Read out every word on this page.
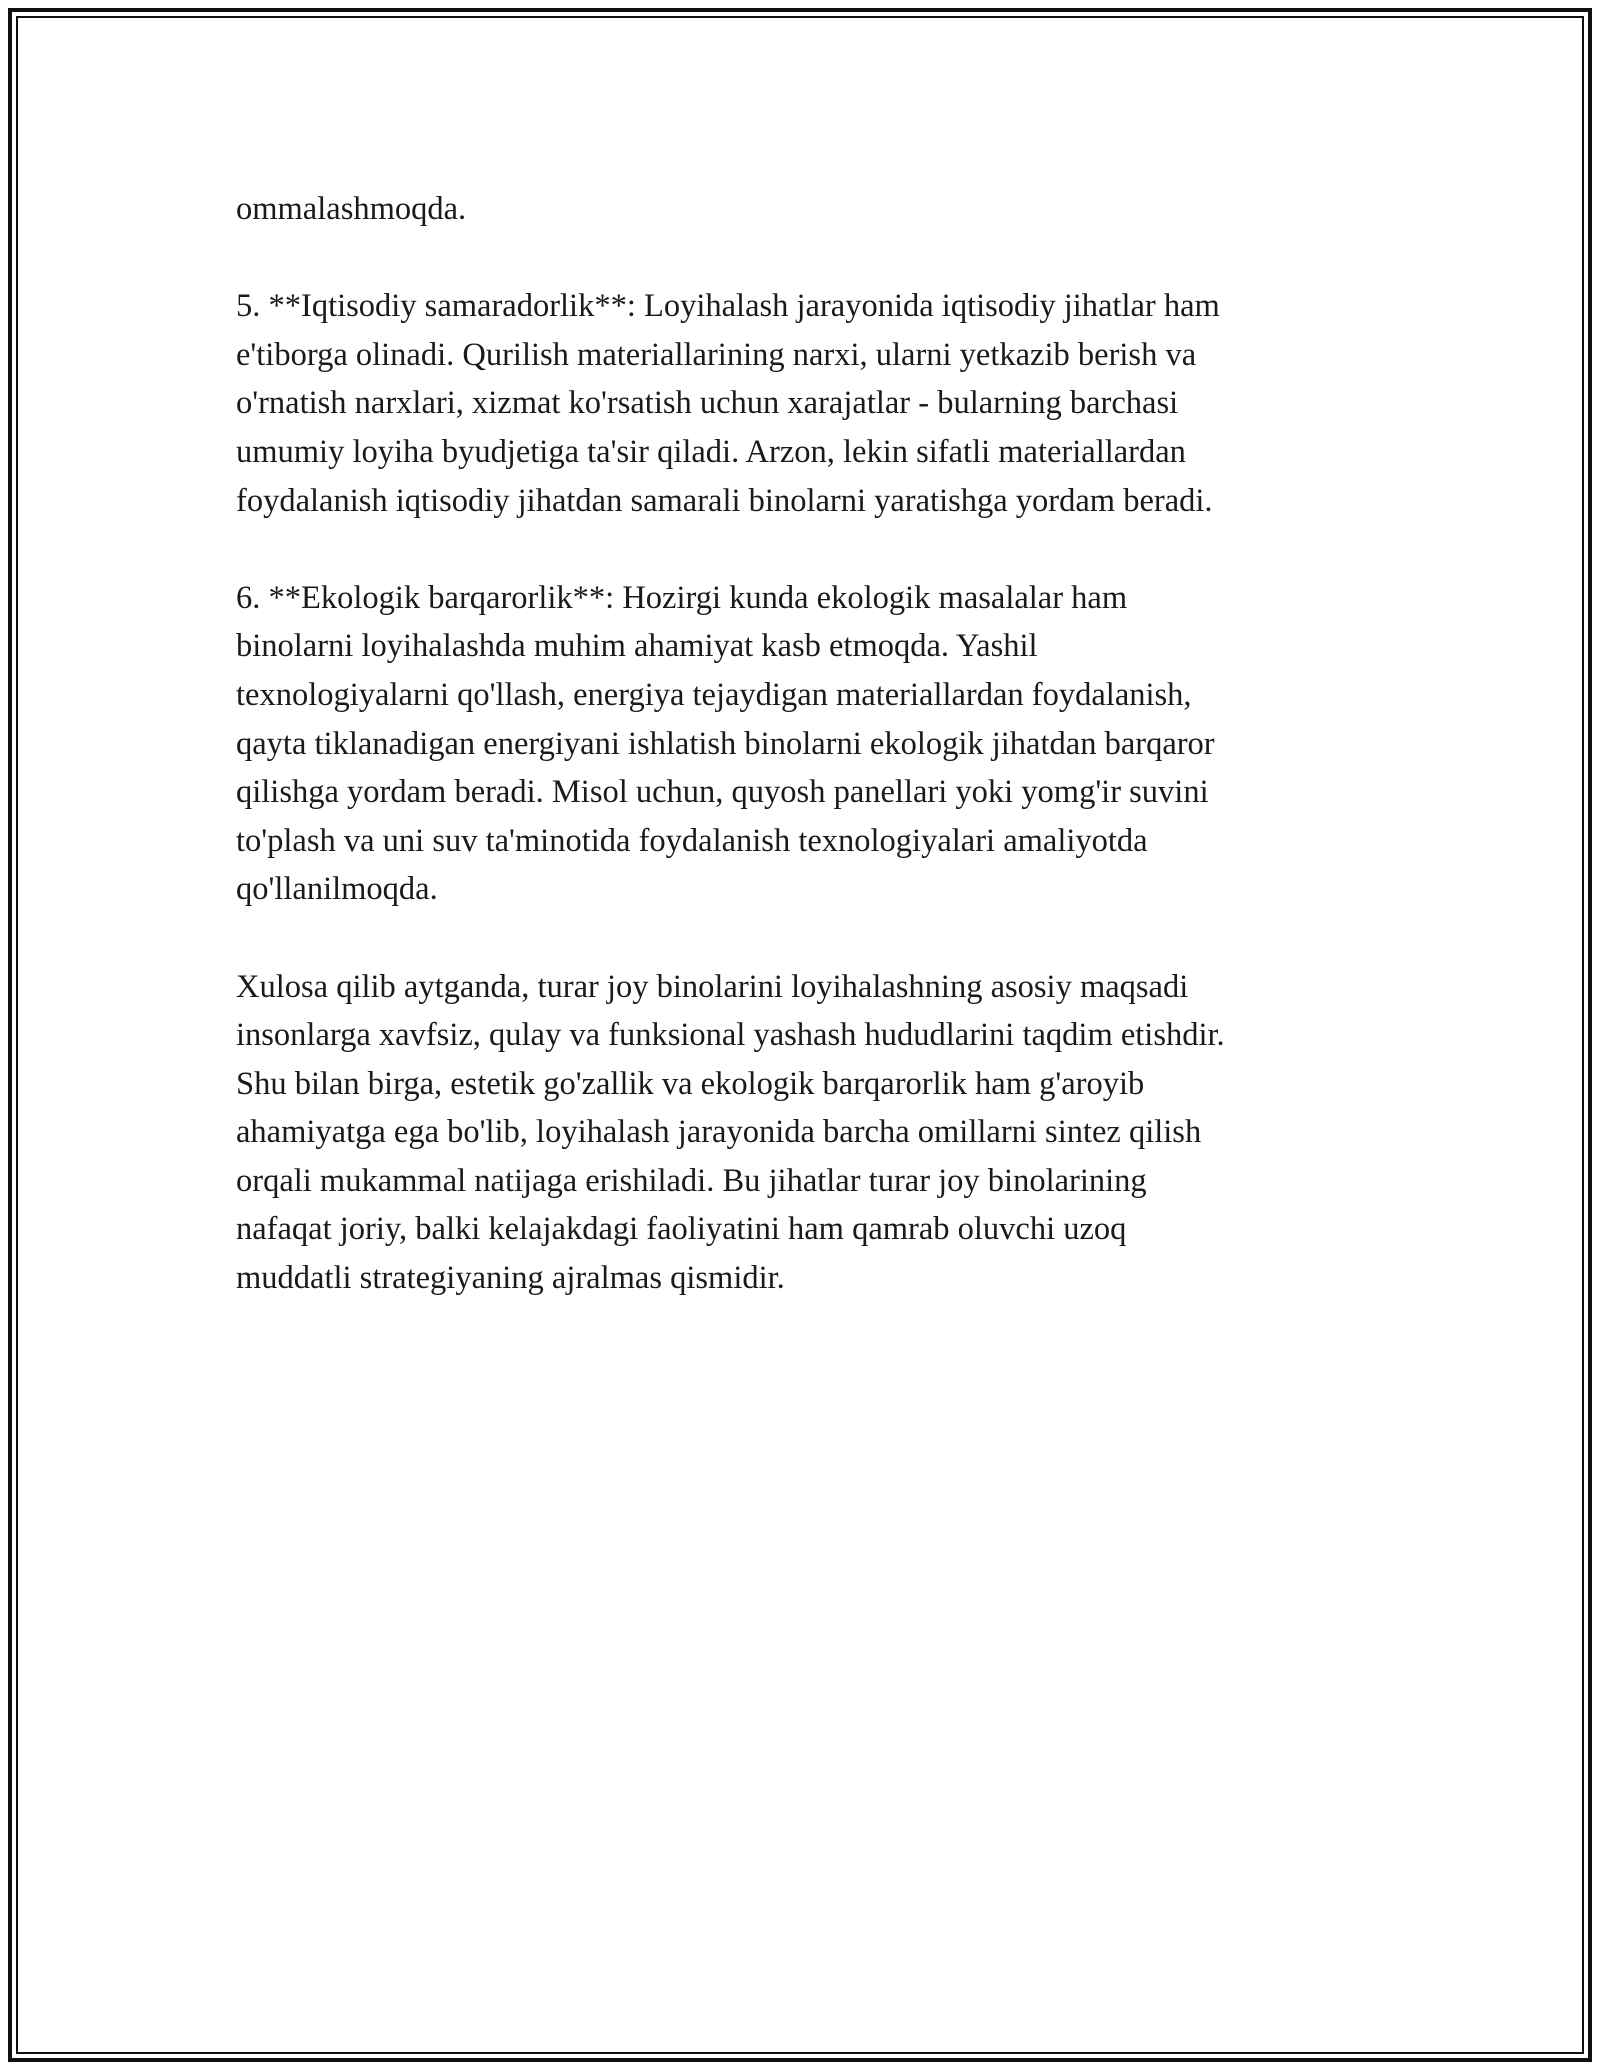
ommalashmoqda.
5. **Iqtisodiy samaradorlik**: Loyihalash jarayonida iqtisodiy jihatlar ham
e'tiborga olinadi. Qurilish materiallarining narxi, ularni yetkazib berish va
o'rnatish narxlari, xizmat ko'rsatish uchun xarajatlar - bularning barchasi
umumiy loyiha byudjetiga ta'sir qiladi. Arzon, lekin sifatli materiallardan
foydalanish iqtisodiy jihatdan samarali binolarni yaratishga yordam beradi.
6. **Ekologik barqarorlik**: Hozirgi kunda ekologik masalalar ham
binolarni loyihalashda muhim ahamiyat kasb etmoqda. Yashil
texnologiyalarni qo'llash, energiya tejaydigan materiallardan foydalanish,
qayta tiklanadigan energiyani ishlatish binolarni ekologik jihatdan barqaror
qilishga yordam beradi. Misol uchun, quyosh panellari yoki yomg'ir suvini
to'plash va uni suv ta'minotida foydalanish texnologiyalari amaliyotda
qo'llanilmoqda.
Xulosa qilib aytganda, turar joy binolarini loyihalashning asosiy maqsadi
insonlarga xavfsiz, qulay va funksional yashash hududlarini taqdim etishdir.
Shu bilan birga, estetik go'zallik va ekologik barqarorlik ham g'aroyib
ahamiyatga ega bo'lib, loyihalash jarayonida barcha omillarni sintez qilish
orqali mukammal natijaga erishiladi. Bu jihatlar turar joy binolarining
nafaqat joriy, balki kelajakdagi faoliyatini ham qamrab oluvchi uzoq
muddatli strategiyaning ajralmas qismidir.
